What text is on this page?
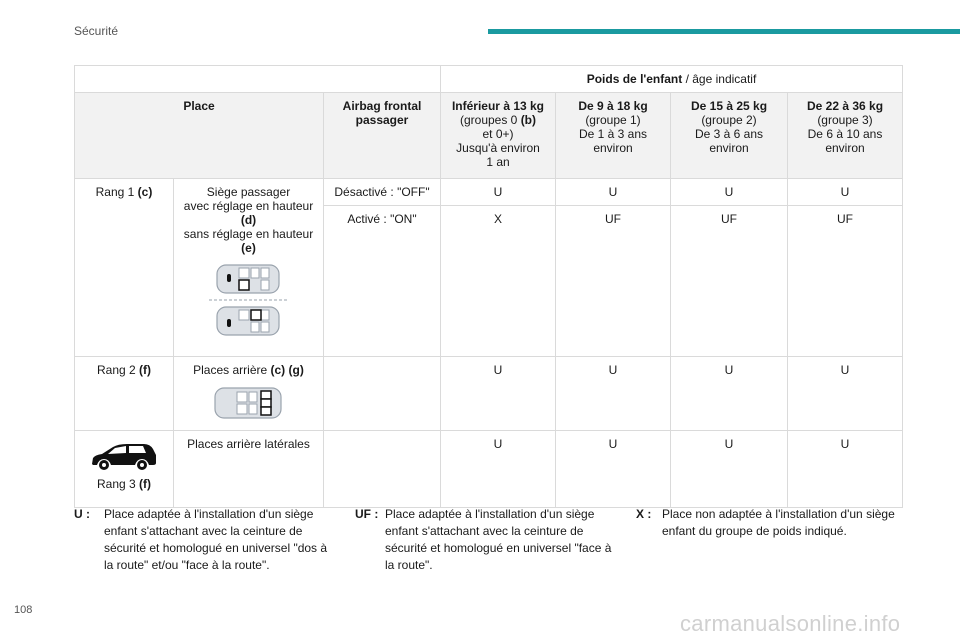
Sécurité
			Poids de l'enfant / âge indicatif			
Place		Airbag frontal passager	Inférieur à 13 kg
(groupes 0 (b)
et 0+)
Jusqu'à environ
1 an	De 9 à 18 kg
(groupe 1)
De 1 à 3 ans
environ	De 15 à 25 kg
(groupe 2)
De 3 à 6 ans
environ	De 22 à 36 kg
(groupe 3)
De 6 à 10 ans
environ
Rang 1 (c)	Siège passager
avec réglage en hauteur
(d)
sans réglage en hauteur
(e)	Désactivé : "OFF"	U	U	U	U
		Activé : "ON"	X	UF	UF	UF
Rang 2 (f)	Places arrière (c) (g)		U	U	U	U

Rang 3 (f)	Places arrière latérales		U	U	U	U
U : Place adaptée à l'installation d'un siège enfant s'attachant avec la ceinture de sécurité et homologué en universel "dos à la route" et/ou "face à la route".
UF : Place adaptée à l'installation d'un siège enfant s'attachant avec la ceinture de sécurité et homologué en universel "face à la route".
X : Place non adaptée à l'installation d'un siège enfant du groupe de poids indiqué.
108
carmanualsonline.info
